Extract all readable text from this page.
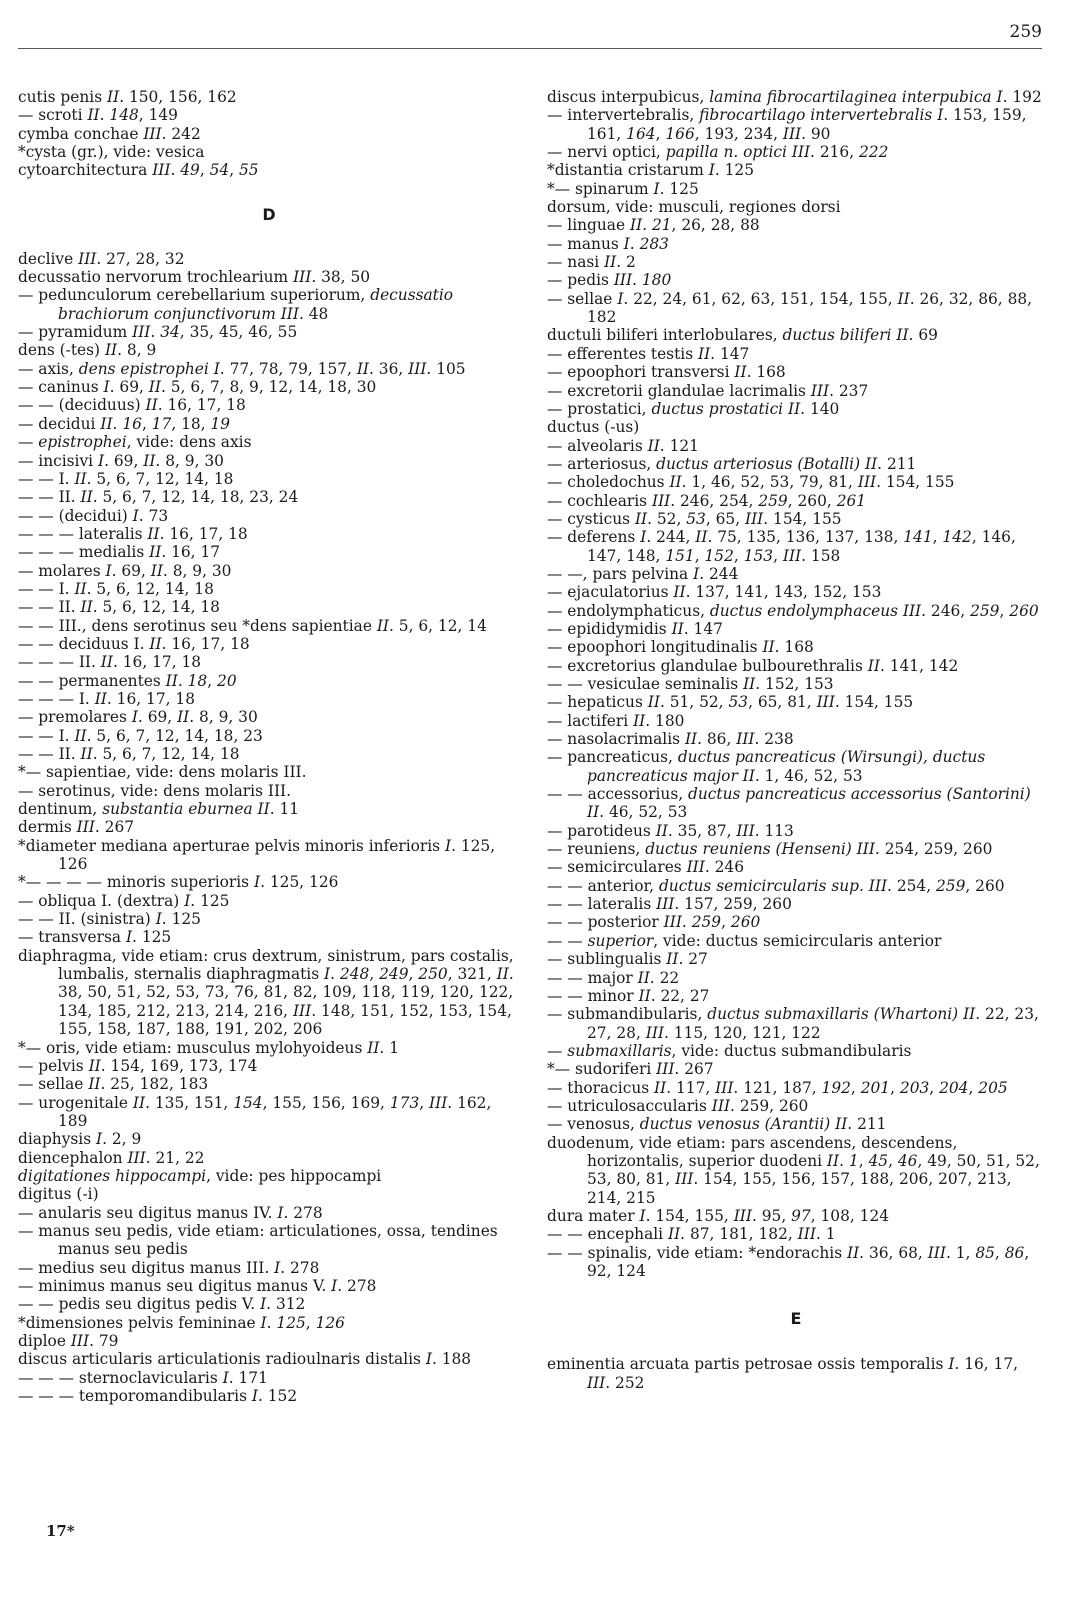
259

cutis penis II. 150, 156, 162

— scroti II. 148, 149

cymba conchae III. 242

*cysta (gr.), vide: vesica

cytoarchitectura III. 49, 54, 55

D

declive III. 27, 28, 32

decussatio nervorum trochlearium III. 38, 50

— pedunculorum cerebellarium superiorum, decussatio brachiorum conjunctivorum III. 48

— pyramidum III. 34, 35, 45, 46, 55

dens (-tes) II. 8, 9

— axis, dens epistrophei I. 77, 78, 79, 157, II. 36, III. 105

— caninus I. 69, II. 5, 6, 7, 8, 9, 12, 14, 18, 30

— — (deciduus) II. 16, 17, 18

— decidui II. 16, 17, 18, 19

— epistrophei, vide: dens axis

— incisivi I. 69, II. 8, 9, 30

— — I. II. 5, 6, 7, 12, 14, 18

— — II. II. 5, 6, 7, 12, 14, 18, 23, 24

— — (decidui) I. 73

— — — lateralis II. 16, 17, 18

— — — medialis II. 16, 17

— molares I. 69, II. 8, 9, 30

— — I. II. 5, 6, 12, 14, 18

— — II. II. 5, 6, 12, 14, 18

— — III., dens serotinus seu *dens sapientiae II. 5, 6, 12, 14

— — deciduus I. II. 16, 17, 18

— — — II. II. 16, 17, 18

— — permanentes II. 18, 20

— — — I. II. 16, 17, 18

— premolares I. 69, II. 8, 9, 30

— — I. II. 5, 6, 7, 12, 14, 18, 23

— — II. II. 5, 6, 7, 12, 14, 18

*— sapientiae, vide: dens molaris III.

— serotinus, vide: dens molaris III.

dentinum, substantia eburnea II. 11

dermis III. 267

*diameter mediana aperturae pelvis minoris inferioris I. 125, 126

*— — — — minoris superioris I. 125, 126

— obliqua I. (dextra) I. 125

— — II. (sinistra) I. 125

— transversa I. 125

diaphragma, vide etiam: crus dextrum, sinistrum, pars costalis, lumbalis, sternalis diaphragmatis I. 248, 249, 250, 321, II. 38, 50, 51, 52, 53, 73, 76, 81, 82, 109, 118, 119, 120, 122, 134, 185, 212, 213, 214, 216, III. 148, 151, 152, 153, 154, 155, 158, 187, 188, 191, 202, 206

*— oris, vide etiam: musculus mylohyoideus II. 1

— pelvis II. 154, 169, 173, 174

— sellae II. 25, 182, 183

— urogenitale II. 135, 151, 154, 155, 156, 169, 173, III. 162, 189

diaphysis I. 2, 9

diencephalon III. 21, 22

digitationes hippocampi, vide: pes hippocampi

digitus (-i)

— anularis seu digitus manus IV. I. 278

— manus seu pedis, vide etiam: articulationes, ossa, tendines manus seu pedis

— medius seu digitus manus III. I. 278

— minimus manus seu digitus manus V. I. 278

— — pedis seu digitus pedis V. I. 312

*dimensiones pelvis femininae I. 125, 126

diploe III. 79

discus articularis articulationis radioulnaris distalis I. 188

— — — sternoclavicularis I. 171

— — — temporomandibularis I. 152

discus interpubicus, lamina fibrocartilaginea interpubica I. 192

— intervertebralis, fibrocartilago intervertebralis I. 153, 159, 161, 164, 166, 193, 234, III. 90

— nervi optici, papilla n. optici III. 216, 222

*distantia cristarum I. 125

*— spinarum I. 125

dorsum, vide: musculi, regiones dorsi

— linguae II. 21, 26, 28, 88

— manus I. 283

— nasi II. 2

— pedis III. 180

— sellae I. 22, 24, 61, 62, 63, 151, 154, 155, II. 26, 32, 86, 88, 182

ductuli biliferi interlobulares, ductus biliferi II. 69

— efferentes testis II. 147

— epoophori transversi II. 168

— excretorii glandulae lacrimalis III. 237

— prostatici, ductus prostatici II. 140

ductus (-us)

— alveolaris II. 121

— arteriosus, ductus arteriosus (Botalli) II. 211

— choledochus II. 1, 46, 52, 53, 79, 81, III. 154, 155

— cochlearis III. 246, 254, 259, 260, 261

— cysticus II. 52, 53, 65, III. 154, 155

— deferens I. 244, II. 75, 135, 136, 137, 138, 141, 142, 146, 147, 148, 151, 152, 153, III. 158

— —, pars pelvina I. 244

— ejaculatorius II. 137, 141, 143, 152, 153

— endolymphaticus, ductus endolymphaceus III. 246, 259, 260

— epididymidis II. 147

— epoophori longitudinalis II. 168

— excretorius glandulae bulbourethralis II. 141, 142

— — vesiculae seminalis II. 152, 153

— hepaticus II. 51, 52, 53, 65, 81, III. 154, 155

— lactiferi II. 180

— nasolacrimalis II. 86, III. 238

— pancreaticus, ductus pancreaticus (Wirsungi), ductus pancreaticus major II. 1, 46, 52, 53

— — accessorius, ductus pancreaticus accessorius (Santorini) II. 46, 52, 53

— parotideus II. 35, 87, III. 113

— reuniens, ductus reuniens (Henseni) III. 254, 259, 260

— semicirculares III. 246

— — anterior, ductus semicircularis sup. III. 254, 259, 260

— — lateralis III. 157, 259, 260

— — posterior III. 259, 260

— — superior, vide: ductus semicircularis anterior

— sublingualis II. 27

— — major II. 22

— — minor II. 22, 27

— submandibularis, ductus submaxillaris (Whartoni) II. 22, 23, 27, 28, III. 115, 120, 121, 122

— submaxillaris, vide: ductus submandibularis

*— sudoriferi III. 267

— thoracicus II. 117, III. 121, 187, 192, 201, 203, 204, 205

— utriculosaccularis III. 259, 260

— venosus, ductus venosus (Arantii) II. 211

duodenum, vide etiam: pars ascendens, descendens, horizontalis, superior duodeni II. 1, 45, 46, 49, 50, 51, 52, 53, 80, 81, III. 154, 155, 156, 157, 188, 206, 207, 213, 214, 215

dura mater I. 154, 155, III. 95, 97, 108, 124

— — encephali II. 87, 181, 182, III. 1

— — spinalis, vide etiam: *endorachis II. 36, 68, III. 1, 85, 86, 92, 124

E

eminentia arcuata partis petrosae ossis temporalis I. 16, 17, III. 252

17*
